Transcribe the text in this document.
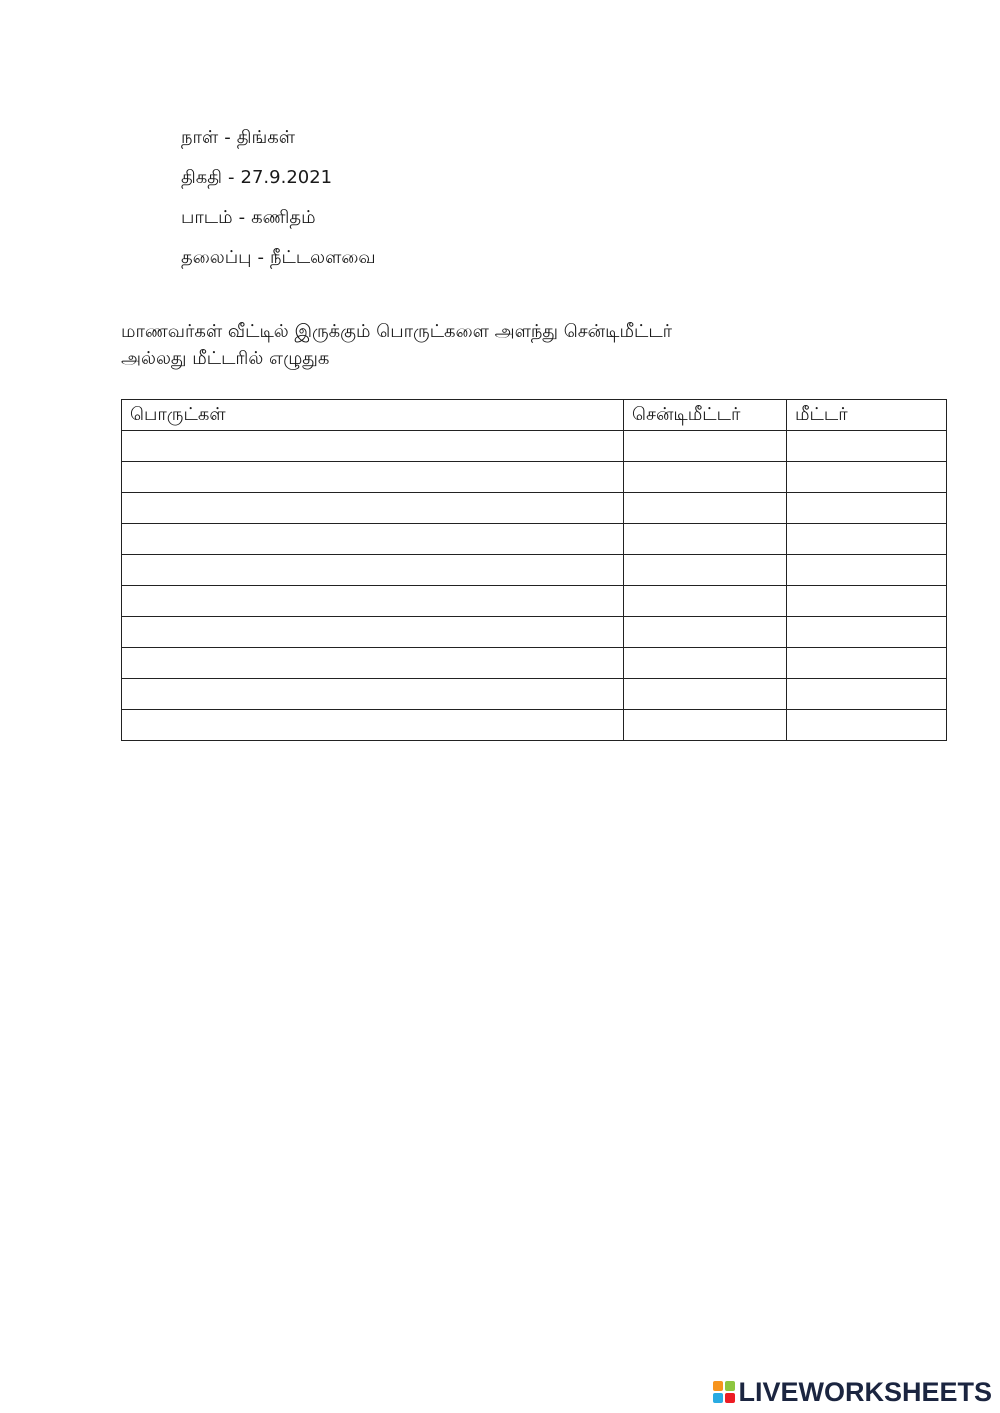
நாள் - திங்கள்
திகதி - 27.9.2021
பாடம் - கணிதம்
தலைப்பு - நீட்டலளவை
மாணவர்கள் வீட்டில் இருக்கும் பொருட்களை அளந்து சென்டிமீட்டர்
அல்லது மீட்டரில் எழுதுக
பொருட்கள்	சென்டிமீட்டர்	மீட்டர்

LIVEWORKSHEETS
